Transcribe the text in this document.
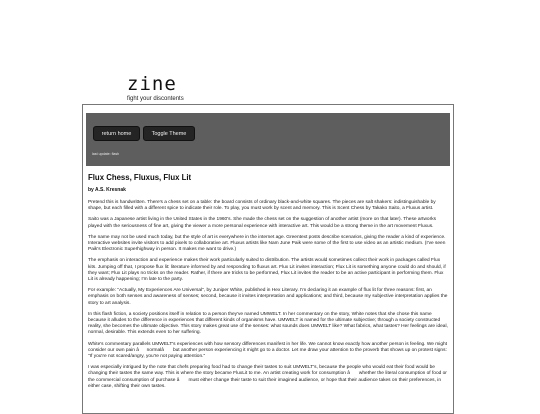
zine
fight your discontents
return home	Toggle Theme
last update: flash
Flux Chess, Fluxus, Flux Lit
by A.S. Kresnak

Pretend this is handwritten. There's a chess set on a table: the board consists of ordinary black-and-white squares. The pieces are salt shakers: indistinguishable by shape, but each filled with a different spice to indicate their role. To play, you must work by scent and memory. This is Scent Chess by Takako Saito, a Fluxus artist.

Saito was a Japanese artist living in the United States in the 1960's. She made the chess set on the suggestion of another artist (more on that later). These artworks played with the seriousness of fine art, giving the viewer a more personal experience with interactive art. This would be a strong theme in the art movement Fluxus.

The name may not be used much today, but the style of art is everywhere in the internet age. Greentext posts describe scenarios, giving the reader a kind of experience. Interactive websites invite visitors to add pixels to collaborative art. Fluxus artists like Nam June Paik were some of the first to use video as an artistic medium. (I've seen Paik's Electronic Superhighway in person. It makes me want to drive.)

The emphasis on interaction and experience makes their work particularly suited to distribution. The artists would sometimes collect their work in packages called Flux kits. Jumping off that, I propose flux lit: literature informed by and responding to fluxus art. Flux Lit invites interaction; Flux Lit is something anyone could do and should, if they want; Flux Lit plays no tricks on the reader. Rather, if there are tricks to be performed, Flux Lit invites the reader to be an active participant in performing them. Flux Lit is already happening; I'm late to the party.

For example: "Actually, My Experiences Are Universal", by Juniper White, published in Hex Literary. I'm declaring it an example of flux lit for three reasons: first, an emphasis on both senses and awareness of senses; second, because it invites interpretation and applications; and third, because my subjective interpretation applies the story to art analysis.

In this flash fiction, a society positions itself in relation to a person they've named UMWELT. In her commentary on the story, White notes that she chose this name because it alludes to the difference in experiences that different kinds of organisms have. UMWELT is named for the ultimate subjective; through a society constructed reality, she becomes the ultimate objective. This story makes great use of the senses: what sounds does UMWELT like? What fabrics, what tastes? Her feelings are ideal, normal, desirable. This extends even to her suffering.

White's commentary parallels UMWELT's experiences with how sensory differences manifest in her life. We cannot know exactly how another person is feeling. We might consider our own pain ânormalâ but another person experiencing it might go to a doctor. Let me draw your attention to the proverb that shows up on protest signs: "If you're not scared/angry, you're not paying attention."

I was especially intrigued by the note that chefs preparing food had to change their tastes to suit UMWELT's, because the people who would eat their food would be changing their tastes the same way. This is where the story became FluxLit to me. An artist creating work for consumption â whether the literal consumption of food or the commercial consumption of purchase â must either change their taste to suit their imagined audience, or hope that their audience takes on their preferences, in either case, shifting their own tastes.
